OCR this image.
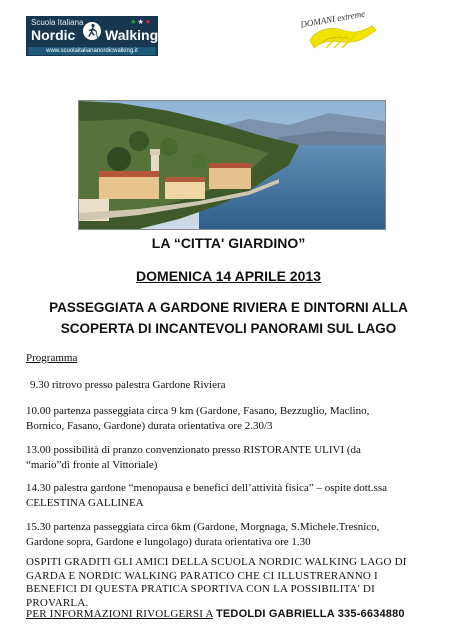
Scuola Italiana	★★★
Nordic Walking
www.scuolaitaliananordicwalking.it
DOMANI extreme
LA “CITTA' GIARDINO”
DOMENICA 14 APRILE 2013
PASSEGGIATA A GARDONE RIVIERA E DINTORNI ALLA
SCOPERTA DI INCANTEVOLI PANORAMI SUL LAGO
Programma
9.30 ritrovo presso palestra Gardone Riviera
10.00 partenza passeggiata circa 9 km (Gardone, Fasano, Bezzuglio, Maclino,
Bornico, Fasano, Gardone) durata orientativa ore 2.30/3
13.00 possibilità di pranzo convenzionato presso RISTORANTE ULIVI (da
“mario”di fronte al Vittoriale)
14.30 palestra gardone “menopausa e benefici dell’attività fisica” – ospite dott.ssa
CELESTINA GALLINEA
15.30 partenza passeggiata circa 6km (Gardone, Morgnaga, S.Michele.Tresnico,
Gardone sopra, Gardone e lungolago) durata orientativa ore 1.30
OSPITI GRADITI GLI AMICI DELLA SCUOLA NORDIC WALKING LAGO DI
GARDA E NORDIC WALKING PARATICO CHE CI ILLUSTRERANNO I
BENEFICI DI QUESTA PRATICA SPORTIVA CON LA POSSIBILITA' DI
PROVARLA.
PER INFORMAZIONI RIVOLGERSI A TEDOLDI GABRIELLA 335-6634880
